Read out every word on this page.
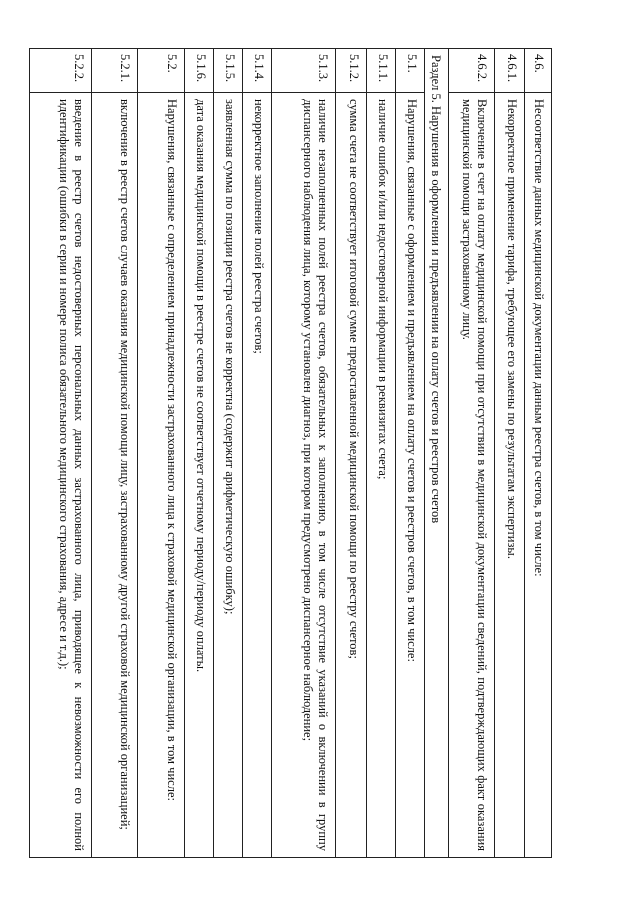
4.6.	Несоответствие данных медицинской документации данным реестра счетов, в том числе:
4.6.1.	Некорректное применение тарифа, требующее его замены по результатам экспертизы.
4.6.2.	Включение в счет на оплату медицинской помощи при отсутствии в медицинской документации сведений, подтверждающих факт оказания медицинской помощи застрахованному лицу.
Раздел 5. Нарушения в оформлении и предъявлении на оплату счетов и реестров счетов	
5.1.	Нарушения, связанные с оформлением и предъявлением на оплату счетов и реестров счетов, в том числе:
5.1.1.	наличие ошибок и/или недостоверной информации в реквизитах счета;
5.1.2.	сумма счета не соответствует итоговой сумме предоставленной медицинской помощи по реестру счетов;
5.1.3.	наличие незаполненных полей реестра счетов, обязательных к заполнению, в том числе отсутствие указаний о включении в группу диспансерного наблюдения лица, которому установлен диагноз, при котором предусмотрено диспансерное наблюдение;
5.1.4.	некорректное заполнение полей реестра счетов;
5.1.5.	заявленная сумма по позиции реестра счетов не корректна (содержит арифметическую ошибку);
5.1.6.	дата оказания медицинской помощи в реестре счетов не соответствует отчетному периоду/периоду оплаты.
5.2.	Нарушения, связанные с определением принадлежности застрахованного лица к страховой медицинской организации, в том числе:
5.2.1.	включение в реестр счетов случаев оказания медицинской помощи лицу, застрахованному другой страховой медицинской организацией;
5.2.2.	введение в реестр счетов недостоверных персональных данных застрахованного лица, приводящее к невозможности его полной идентификации (ошибки в серии и номере полиса обязательного медицинского страхования, адресе и т.д.);
